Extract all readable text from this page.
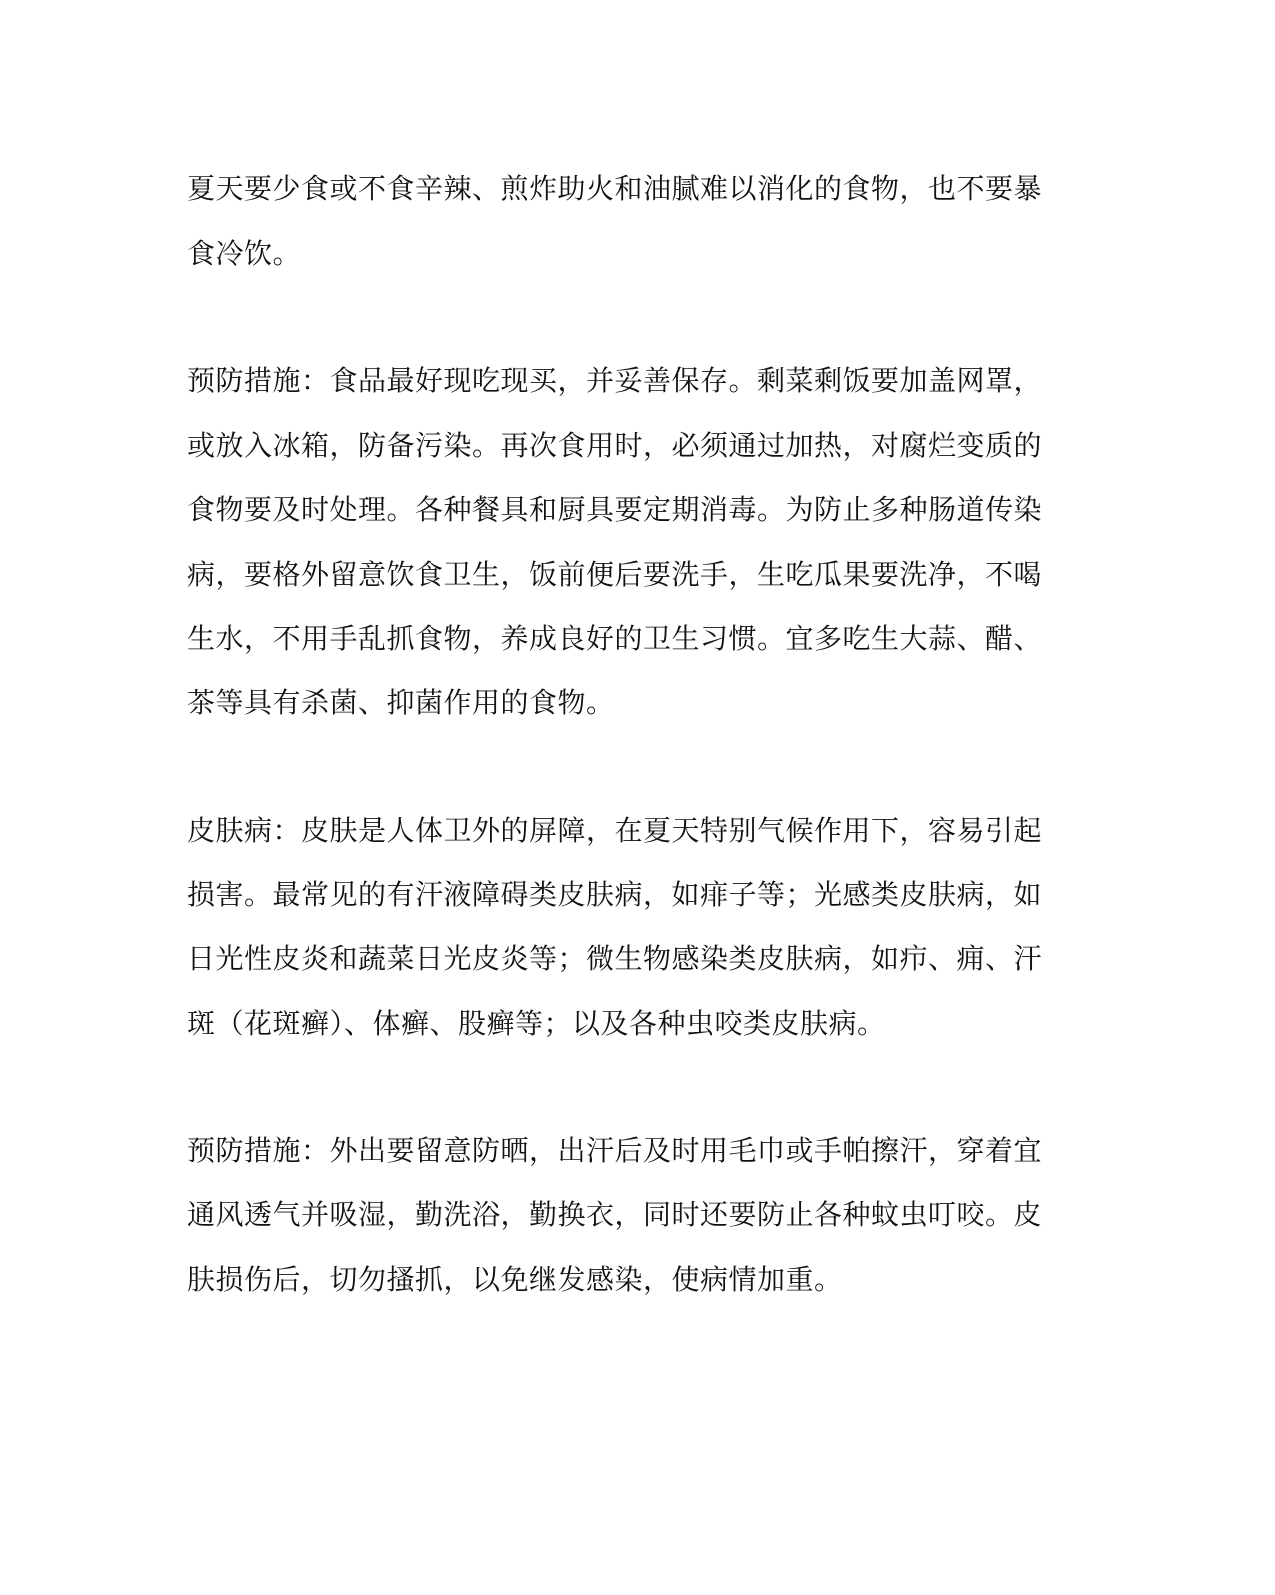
夏天要少食或不食辛辣、煎炸助火和油腻难以消化的食物，也不要暴

食冷饮。

预防措施：食品最好现吃现买，并妥善保存。剩菜剩饭要加盖网罩，

或放入冰箱，防备污染。再次食用时，必须通过加热，对腐烂变质的

食物要及时处理。各种餐具和厨具要定期消毒。为防止多种肠道传染

病，要格外留意饮食卫生，饭前便后要洗手，生吃瓜果要洗净，不喝

生水，不用手乱抓食物，养成良好的卫生习惯。宜多吃生大蒜、醋、

茶等具有杀菌、抑菌作用的食物。

皮肤病：皮肤是人体卫外的屏障，在夏天特别气候作用下，容易引起

损害。最常见的有汗液障碍类皮肤病，如痱子等；光感类皮肤病，如

日光性皮炎和蔬菜日光皮炎等；微生物感染类皮肤病，如疖、痈、汗

斑（花斑癣）、体癣、股癣等；以及各种虫咬类皮肤病。

预防措施：外出要留意防晒，出汗后及时用毛巾或手帕擦汗，穿着宜

通风透气并吸湿，勤洗浴，勤换衣，同时还要防止各种蚊虫叮咬。皮

肤损伤后，切勿搔抓，以免继发感染，使病情加重。
